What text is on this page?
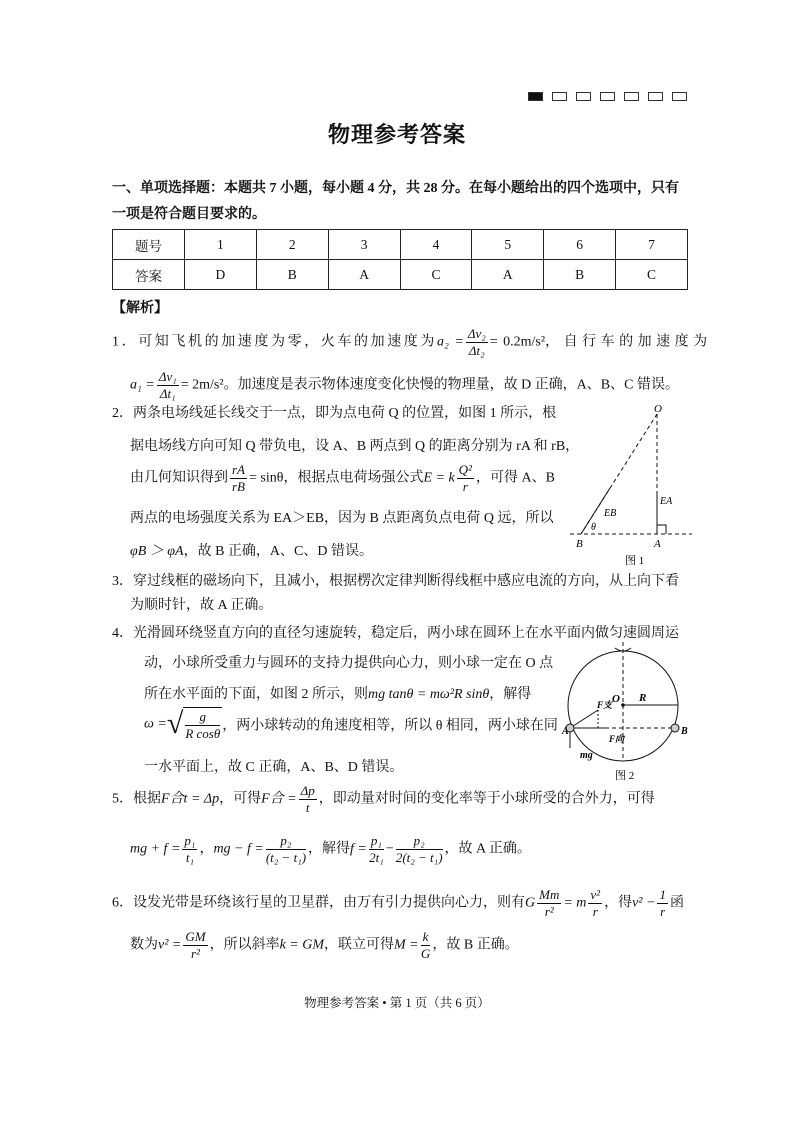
物理参考答案
一、单项选择题：本题共 7 小题，每小题 4 分，共 28 分。在每小题给出的四个选项中，只有
一项是符合题目要求的。
题号	1	2	3	4	5	6	7
答案	D	B	A	C	A	B	C
【解析】
1．可知飞机的加速度为零，火车的加速度为$a_2 = \frac{\text{Δv₂}}{\text{Δt₂}} = 0.2m/s^2$，自行车的加速度为
$a_1 = \frac{\text{Δv₁}}{\text{Δt₁}} = 2m/s^2$。加速度是表示物体速度变化快慢的物理量，故 D 正确，A、B、C 错误。
2．两条电场线延长线交于一点，即为点电荷 Q 的位置，如图 1 所示，根
据电场线方向可知 Q 带负电，设 A、B 两点到 Q 的距离分别为 rA 和 rB，
由几何知识得到 $\frac{rA}{rB} = \sin\theta$，根据点电荷场强公式E = k $\frac{\text{Q²}}{r}$ ，可得 A、B
两点的电场强度关系为 EA＞EB，因为 B 点距离负点电荷 Q 远，所以
φB ＞ φA，故 B 正确，A、C、D 错误。
O
B	A
EA
EB
θ
图 1
3．穿过线框的磁场向下，且减小，根据楞次定律判断得线框中感应电流的方向，从上向下看
为顺时针，故 A 正确。
4．光滑圆环绕竖直方向的直径匀速旋转，稳定后，两小球在圆环上在水平面内做匀速圆周运
动，小球所受重力与圆环的支持力提供向心力，则小球一定在 O 点
所在水平面的下面，如图 2 所示，则mg tanθ = mω²R sinθ，解得
ω = √ $\frac{g}{\text{R cosθ}}$ ，两小球转动的角速度相等，所以 θ 相同，两小球在同
一水平面上，故 C 正确，A、B、D 错误。
O R
A	B
F支
F向
mg
图 2
5．根据F合t = Δp，可得F合 = $\frac{\Delta p}{t}$ ，即动量对时间的变化率等于小球所受的合外力，可得
mg + $f = \frac{\text{p₁}}{\text{t₁}}$ ，mg − $f = \frac{\text{p₂}}{\text{(t₂ − t₁)}}$ ，解得$f = \frac{\text{p₁}}{\text{2t₁}} - \frac{\text{p₂}}{\text{2(t₂ − t₁)}}$ ，故 A 正确。
6．设发光带是环绕该行星的卫星群，由万有引力提供向心力，则有G $\frac{Mm}{\text{r²}} = m \frac{\text{v²}}{r}$ ，得$v^2 - \frac{1}{r}$ 函
数为$v^2 = \frac{GM}{\text{r²}}$ ，所以斜率k = GM，联立可得$M = \frac{k}{G}$ ，故 B 正确。
物理参考答案 • 第 1 页（共 6 页）
